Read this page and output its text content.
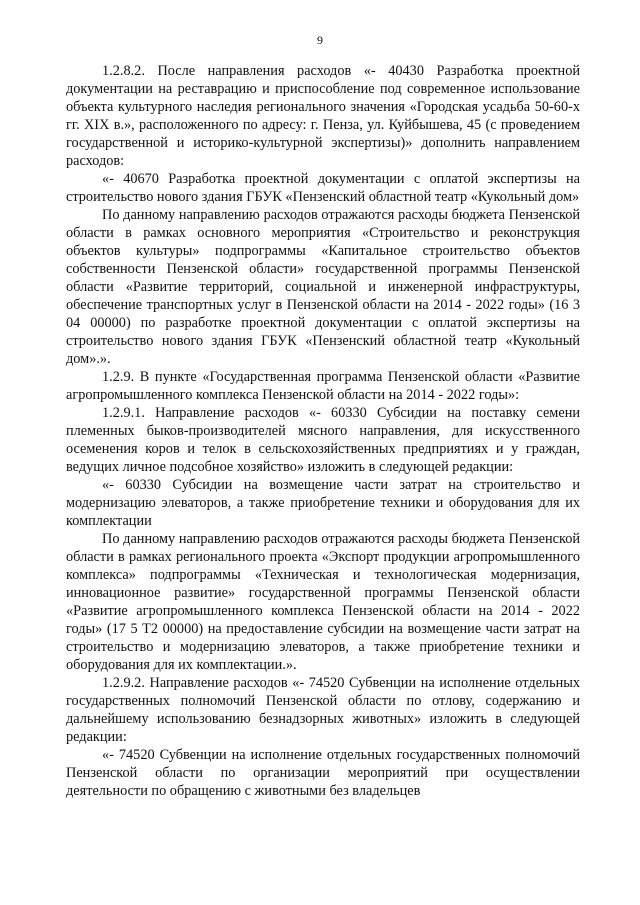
9

1.2.8.2. После направления расходов «- 40430 Разработка проектной документации на реставрацию и приспособление под современное использование объекта культурного наследия регионального значения «Городская усадьба 50-60-х гг. XIX в.», расположенного по адресу: г. Пенза, ул. Куйбышева, 45 (с проведением государственной и историко-культурной экспертизы)» дополнить направлением расходов:

«- 40670 Разработка проектной документации с оплатой экспертизы на строительство нового здания ГБУК «Пензенский областной театр «Кукольный дом»

По данному направлению расходов отражаются расходы бюджета Пензенской области в рамках основного мероприятия «Строительство и реконструкция объектов культуры» подпрограммы «Капитальное строительство объектов собственности Пензенской области» государственной программы Пензенской области «Развитие территорий, социальной и инженерной инфраструктуры, обеспечение транспортных услуг в Пензенской области на 2014 - 2022 годы» (16 3 04 00000) по разработке проектной документации с оплатой экспертизы на строительство нового здания ГБУК «Пензенский областной театр «Кукольный дом».».

1.2.9. В пункте «Государственная программа Пензенской области «Развитие агропромышленного комплекса Пензенской области на 2014 - 2022 годы»:

1.2.9.1. Направление расходов «- 60330 Субсидии на поставку семени племенных быков-производителей мясного направления, для искусственного осеменения коров и телок в сельскохозяйственных предприятиях и у граждан, ведущих личное подсобное хозяйство» изложить в следующей редакции:

«- 60330 Субсидии на возмещение части затрат на строительство и модернизацию элеваторов, а также приобретение техники и оборудования для их комплектации

По данному направлению расходов отражаются расходы бюджета Пензенской области в рамках регионального проекта «Экспорт продукции агропромышленного комплекса» подпрограммы «Техническая и технологическая модернизация, инновационное развитие» государственной программы Пензенской области «Развитие агропромышленного комплекса Пензенской области на 2014 - 2022 годы» (17 5 Т2 00000) на предоставление субсидии на возмещение части затрат на строительство и модернизацию элеваторов, а также приобретение техники и оборудования для их комплектации.».

1.2.9.2. Направление расходов «- 74520 Субвенции на исполнение отдельных государственных полномочий Пензенской области по отлову, содержанию и дальнейшему использованию безнадзорных животных» изложить в следующей редакции:

«- 74520 Субвенции на исполнение отдельных государственных полномочий Пензенской области по организации мероприятий при осуществлении деятельности по обращению с животными без владельцев
